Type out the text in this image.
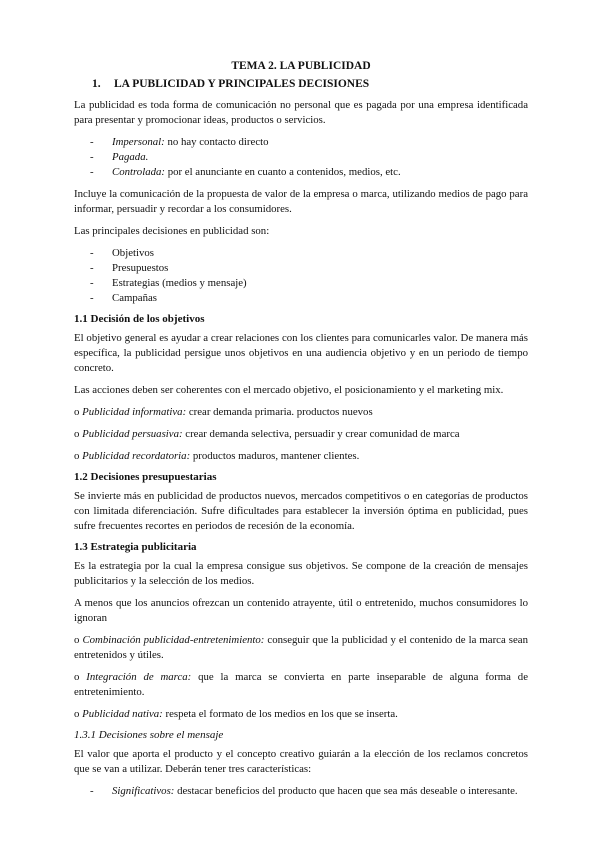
TEMA 2. LA PUBLICIDAD
1.	LA PUBLICIDAD Y PRINCIPALES DECISIONES

La publicidad es toda forma de comunicación no personal que es pagada por una empresa identificada para presentar y promocionar ideas, productos o servicios.

-	Impersonal: no hay contacto directo
-	Pagada.
-	Controlada: por el anunciante en cuanto a contenidos, medios, etc.

Incluye la comunicación de la propuesta de valor de la empresa o marca, utilizando medios de pago para informar, persuadir y recordar a los consumidores.

Las principales decisiones en publicidad son:

-	Objetivos
-	Presupuestos
-	Estrategias (medios y mensaje)
-	Campañas
1.1 Decisión de los objetivos

El objetivo general es ayudar a crear relaciones con los clientes para comunicarles valor. De manera más específica, la publicidad persigue unos objetivos en una audiencia objetivo y en un periodo de tiempo concreto.

Las acciones deben ser coherentes con el mercado objetivo, el posicionamiento y el marketing mix.

o Publicidad informativa: crear demanda primaria. productos nuevos

o Publicidad persuasiva: crear demanda selectiva, persuadir y crear comunidad de marca

o Publicidad recordatoria: productos maduros, mantener clientes.

1.2 Decisiones presupuestarias

Se invierte más en publicidad de productos nuevos, mercados competitivos o en categorías de productos con limitada diferenciación. Sufre dificultades para establecer la inversión óptima en publicidad, pues sufre frecuentes recortes en periodos de recesión de la economía.

1.3 Estrategia publicitaria

Es la estrategia por la cual la empresa consigue sus objetivos. Se compone de la creación de mensajes publicitarios y la selección de los medios.

A menos que los anuncios ofrezcan un contenido atrayente, útil o entretenido, muchos consumidores lo ignoran

o Combinación publicidad-entretenimiento: conseguir que la publicidad y el contenido de la marca sean entretenidos y útiles.

o Integración de marca: que la marca se convierta en parte inseparable de alguna forma de entretenimiento.

o Publicidad nativa: respeta el formato de los medios en los que se inserta.

1.3.1 Decisiones sobre el mensaje

El valor que aporta el producto y el concepto creativo guiarán a la elección de los reclamos concretos que se van a utilizar. Deberán tener tres características:

-	Significativos: destacar beneficios del producto que hacen que sea más deseable o interesante.
